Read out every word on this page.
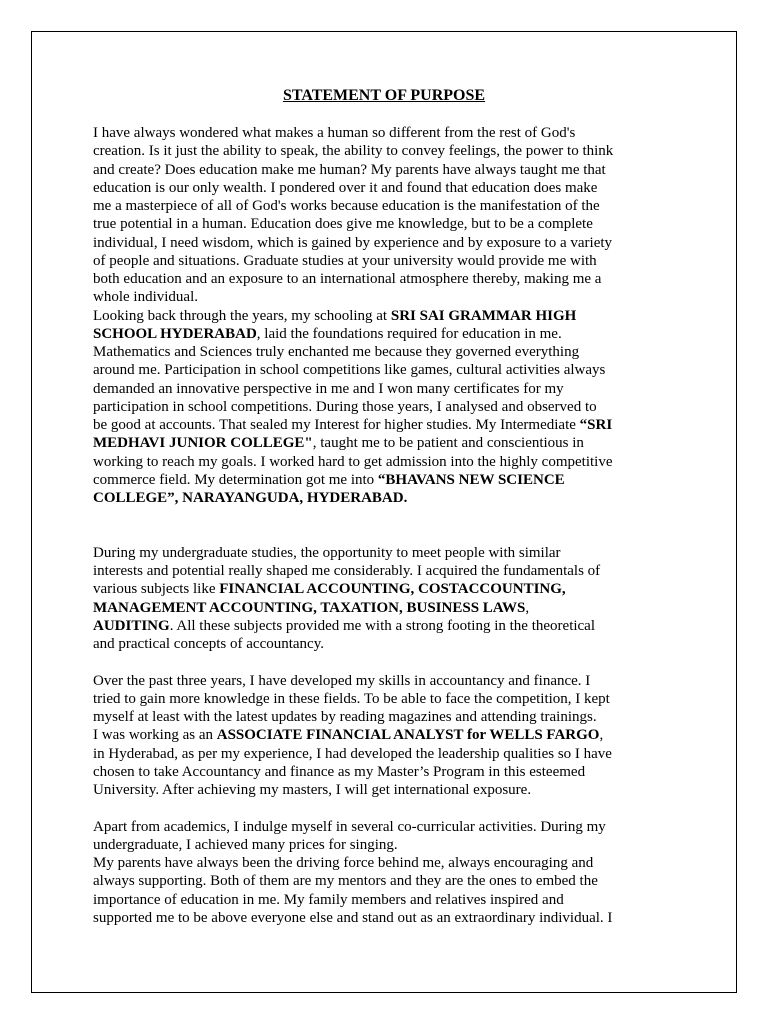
STATEMENT OF PURPOSE
I have always wondered what makes a human so different from the rest of God's
creation. Is it just the ability to speak, the ability to convey feelings, the power to think
and create? Does education make me human? My parents have always taught me that
education is our only wealth. I pondered over it and found that education does make
me a masterpiece of all of God's works because education is the manifestation of the
true potential in a human. Education does give me knowledge, but to be a complete
individual, I need wisdom, which is gained by experience and by exposure to a variety
of people and situations. Graduate studies at your university would provide me with
both education and an exposure to an international atmosphere thereby, making me a
whole individual.
Looking back through the years, my schooling at SRI SAI GRAMMAR HIGH
SCHOOL HYDERABAD, laid the foundations required for education in me.
Mathematics and Sciences truly enchanted me because they governed everything
around me. Participation in school competitions like games, cultural activities always
demanded an innovative perspective in me and I won many certificates for my
participation in school competitions. During those years, I analysed and observed to
be good at accounts. That sealed my Interest for higher studies. My Intermediate “SRI
MEDHAVI JUNIOR COLLEGE", taught me to be patient and conscientious in
working to reach my goals. I worked hard to get admission into the highly competitive
commerce field. My determination got me into “BHAVANS NEW SCIENCE
COLLEGE”, NARAYANGUDA, HYDERABAD.
During my undergraduate studies, the opportunity to meet people with similar
interests and potential really shaped me considerably. I acquired the fundamentals of
various subjects like FINANCIAL ACCOUNTING, COSTACCOUNTING,
MANAGEMENT ACCOUNTING, TAXATION, BUSINESS LAWS,
AUDITING. All these subjects provided me with a strong footing in the theoretical
and practical concepts of accountancy.
Over the past three years, I have developed my skills in accountancy and finance. I
tried to gain more knowledge in these fields. To be able to face the competition, I kept
myself at least with the latest updates by reading magazines and attending trainings.
I was working as an ASSOCIATE FINANCIAL ANALYST for WELLS FARGO,
in Hyderabad, as per my experience, I had developed the leadership qualities so I have
chosen to take Accountancy and finance as my Master’s Program in this esteemed
University. After achieving my masters, I will get international exposure.
Apart from academics, I indulge myself in several co-curricular activities. During my
undergraduate, I achieved many prices for singing.
My parents have always been the driving force behind me, always encouraging and
always supporting. Both of them are my mentors and they are the ones to embed the
importance of education in me. My family members and relatives inspired and
supported me to be above everyone else and stand out as an extraordinary individual. I
